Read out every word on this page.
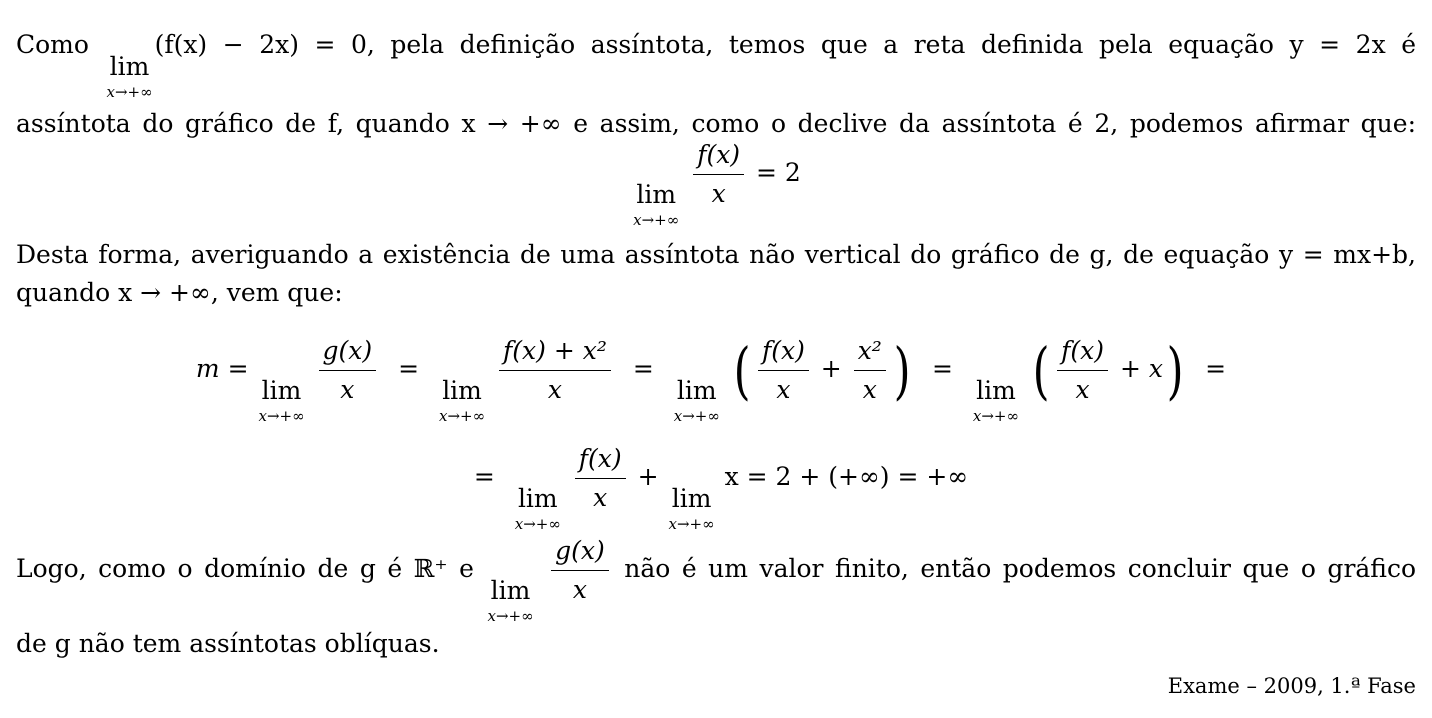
Como
lim
x→+∞
(f(x) − 2x) = 0, pela definição assíntota, temos que a reta definida pela equação y = 2x é
assíntota do gráfico de f, quando x → +∞ e assim, como o declive da assíntota é 2, podemos afirmar que:
lim
x→+∞

$\frac{f(x)}{x} = 2$
Desta forma, averiguando a existência de uma assíntota não vertical do gráfico de g, de equação y = mx+b,
quando x → +∞, vem que:
m =
lim
x→+∞

$\frac{g(x)}{x}$ =
lim
x→+∞

$\frac{\text{f(x) + x²}}{x}$ =
lim
x→+∞
( $\frac{f(x)}{x} + \frac{\text{x²}}{x}$ ) =
lim
x→+∞
( $\frac{f(x)}{x} + x$) =
=
lim
x→+∞

$\frac{f(x)}{x}$ +
lim
x→+∞
x = 2 + (+∞) = +∞
Logo, como o domínio de g é ℝ⁺ e
lim
x→+∞

$\frac{g(x)}{x}$ não é um valor finito, então podemos concluir que o gráfico
de g não tem assíntotas oblíquas.
Exame – 2009, 1.ª Fase
